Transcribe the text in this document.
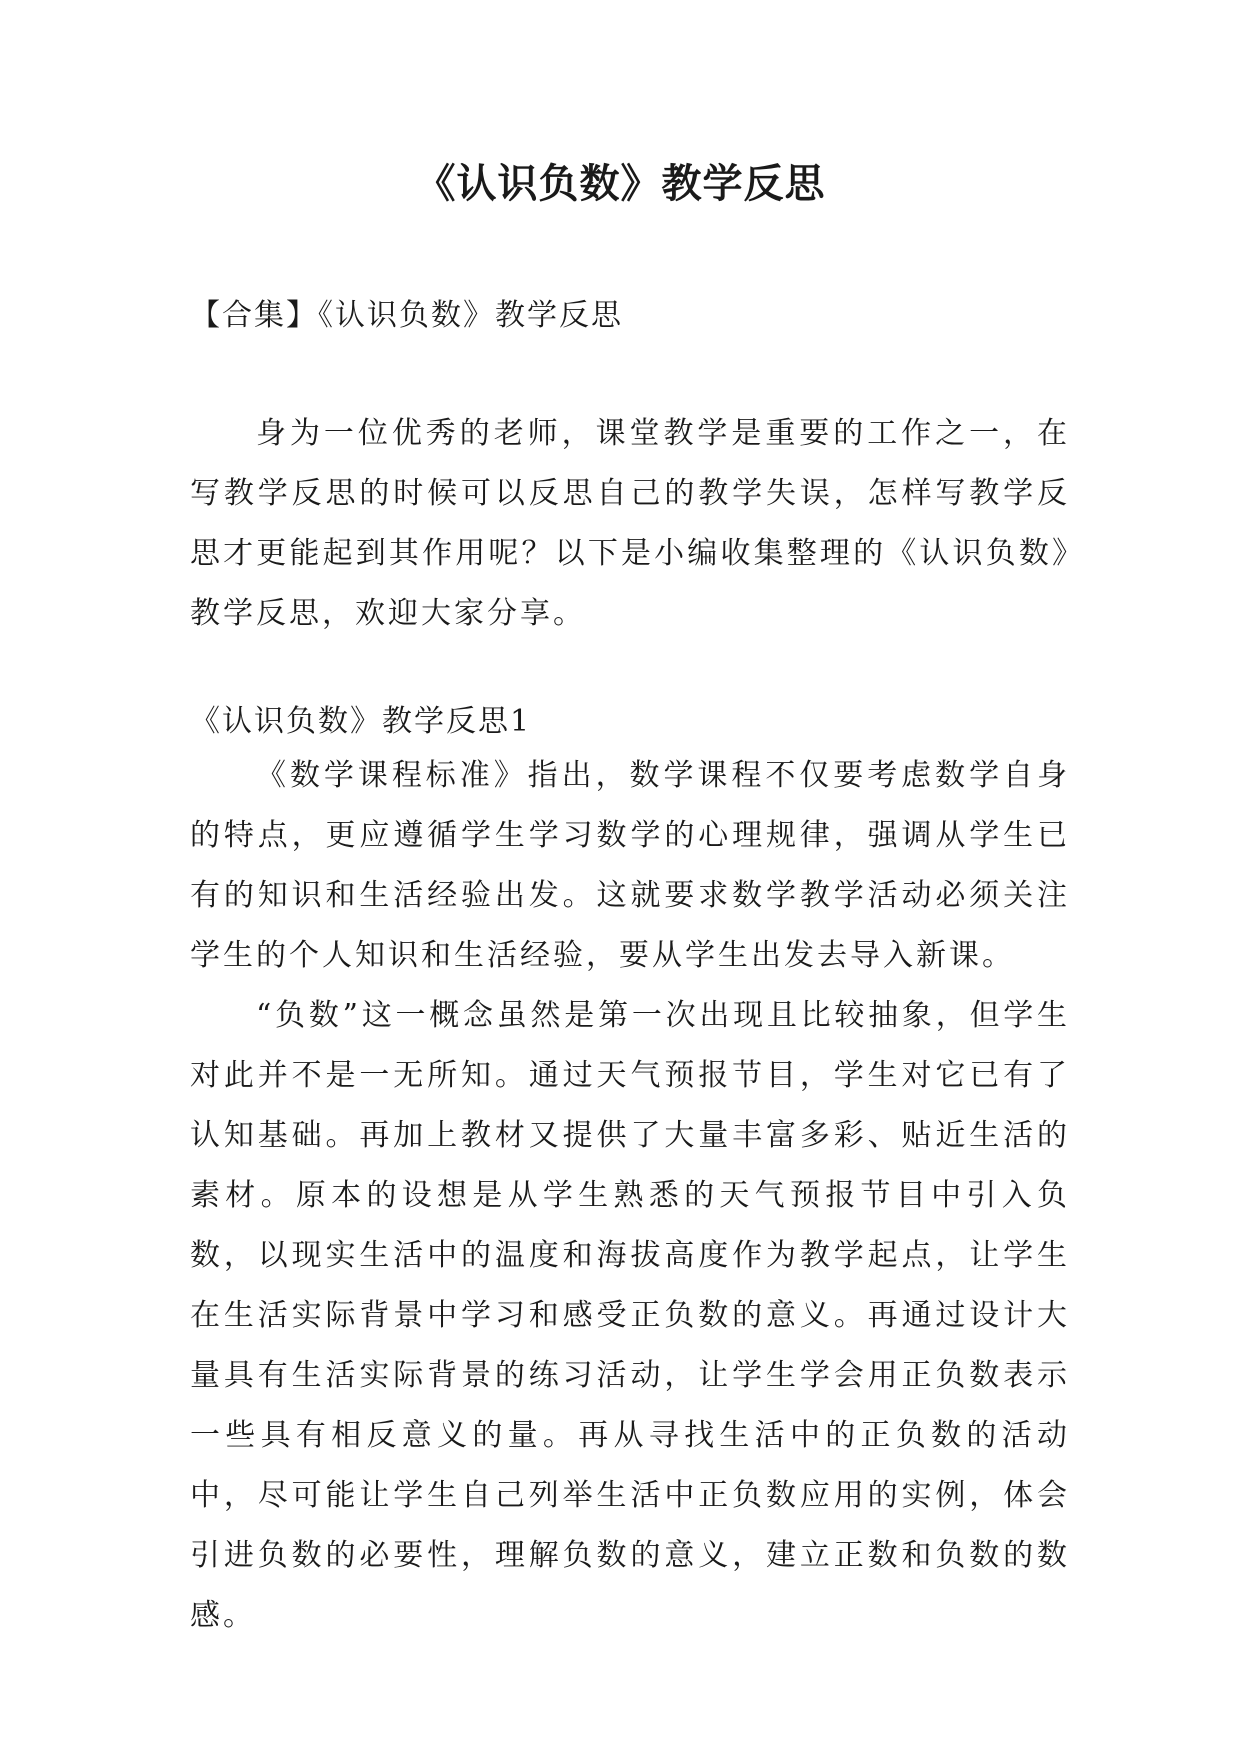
《认识负数》教学反思

【合集】《认识负数》教学反思

身为一位优秀的老师，课堂教学是重要的工作之一，在写教学反思的时候可以反思自己的教学失误，怎样写教学反思才更能起到其作用呢？以下是小编收集整理的《认识负数》教学反思，欢迎大家分享。

《认识负数》教学反思1

《数学课程标准》指出，数学课程不仅要考虑数学自身的特点，更应遵循学生学习数学的心理规律，强调从学生已有的知识和生活经验出发。这就要求数学教学活动必须关注学生的个人知识和生活经验，要从学生出发去导入新课。
“负数”这一概念虽然是第一次出现且比较抽象，但学生对此并不是一无所知。通过天气预报节目，学生对它已有了认知基础。再加上教材又提供了大量丰富多彩、贴近生活的素材。原本的设想是从学生熟悉的天气预报节目中引入负数，以现实生活中的温度和海拔高度作为教学起点，让学生在生活实际背景中学习和感受正负数的意义。再通过设计大量具有生活实际背景的练习活动，让学生学会用正负数表示一些具有相反意义的量。再从寻找生活中的正负数的活动中，尽可能让学生自己列举生活中正负数应用的实例，体会引进负数的必要性，理解负数的意义，建立正数和负数的数感。
